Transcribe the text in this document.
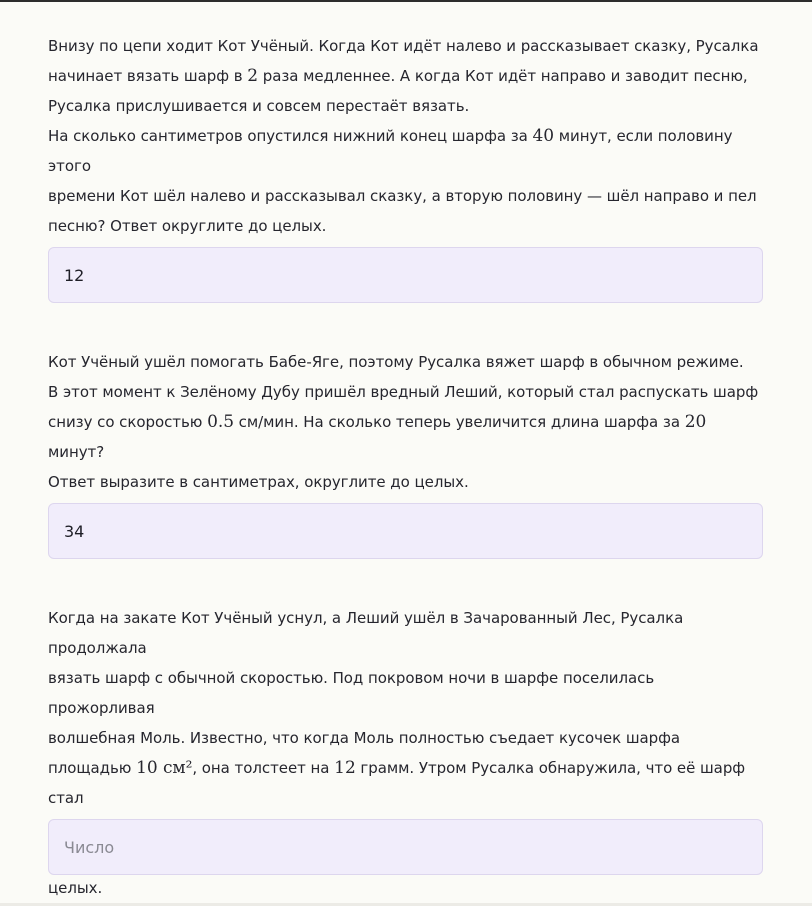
Внизу по цепи ходит Кот Учёный. Когда Кот идёт налево и рассказывает сказку, Русалка

начинает вязать шарф в 2 раза медленнее. А когда Кот идёт направо и заводит песню,

Русалка прислушивается и совсем перестаёт вязать.

На сколько сантиметров опустился нижний конец шарфа за 40 минут, если половину этого

времени Кот шёл налево и рассказывал сказку, а вторую половину — шёл направо и пел

песню? Ответ округлите до целых.

12

Кот Учёный ушёл помогать Бабе-Яге, поэтому Русалка вяжет шарф в обычном режиме.

В этот момент к Зелёному Дубу пришёл вредный Леший, который стал распускать шарф

снизу со скоростью 0.5 см/мин. На сколько теперь увеличится длина шарфа за 20 минут?

Ответ выразите в сантиметрах, округлите до целых.

34

Когда на закате Кот Учёный уснул, а Леший ушёл в Зачарованный Лес, Русалка продолжала

вязать шарф с обычной скоростью. Под покровом ночи в шарфе поселилась прожорливая

волшебная Моль. Известно, что когда Моль полностью съедает кусочек шарфа

площадью 10 см², она толстеет на 12 грамм. Утром Русалка обнаружила, что её шарф стал

целых.

Число
